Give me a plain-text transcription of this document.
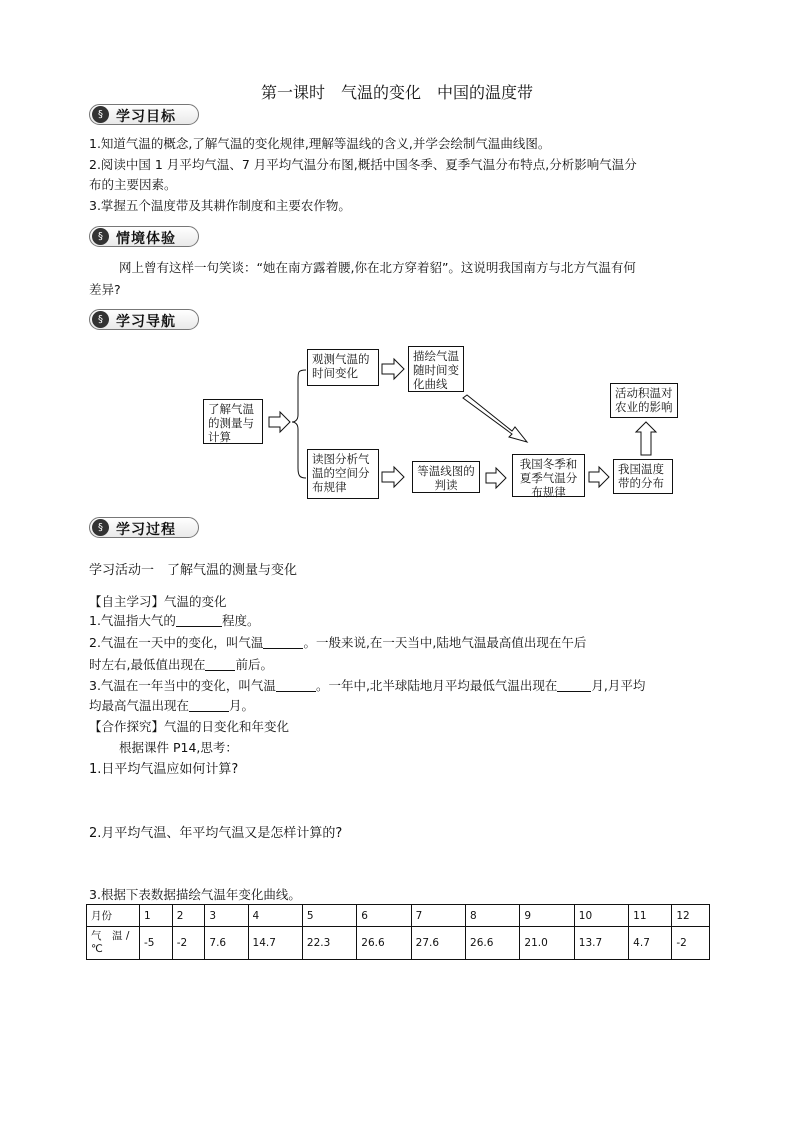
第一课时　气温的变化　中国的温度带
§ 学习目标
1.知道气温的概念,了解气温的变化规律,理解等温线的含义,并学会绘制气温曲线图。
2.阅读中国 1 月平均气温、7 月平均气温分布图,概括中国冬季、夏季气温分布特点,分析影响气温分
布的主要因素。
3.掌握五个温度带及其耕作制度和主要农作物。
§ 情境体验
网上曾有这样一句笑谈：“她在南方露着腰,你在北方穿着貂”。这说明我国南方与北方气温有何
差异?
§ 学习导航
了解气温的测量与计算
观测气温的时间变化
描绘气温随时间变化曲线
读图分析气温的空间分布规律
等温线图的判读
我国冬季和夏季气温分布规律
我国温度带的分布
活动积温对农业的影响
§ 学习过程
学习活动一　了解气温的测量与变化
【自主学习】气温的变化
1.气温指大气的	程度。
2.气温在一天中的变化，叫气温	。一般来说,在一天当中,陆地气温最高值出现在午后
时左右,最低值出现在 前后。
3.气温在一年当中的变化，叫气温	。一年中,北半球陆地月平均最低气温出现在	月,月平均
均最高气温出现在	月。
【合作探究】气温的日变化和年变化
根据课件 P14,思考：
1.日平均气温应如何计算?
2.月平均气温、年平均气温又是怎样计算的?
3.根据下表数据描绘气温年变化曲线。
月份	1	2	3	4	5	6	7	8	9	10	11	12
气　温 /℃	-5	-2	7.6	14.7	22.3	26.6	27.6	26.6	21.0	13.7	4.7	-2
